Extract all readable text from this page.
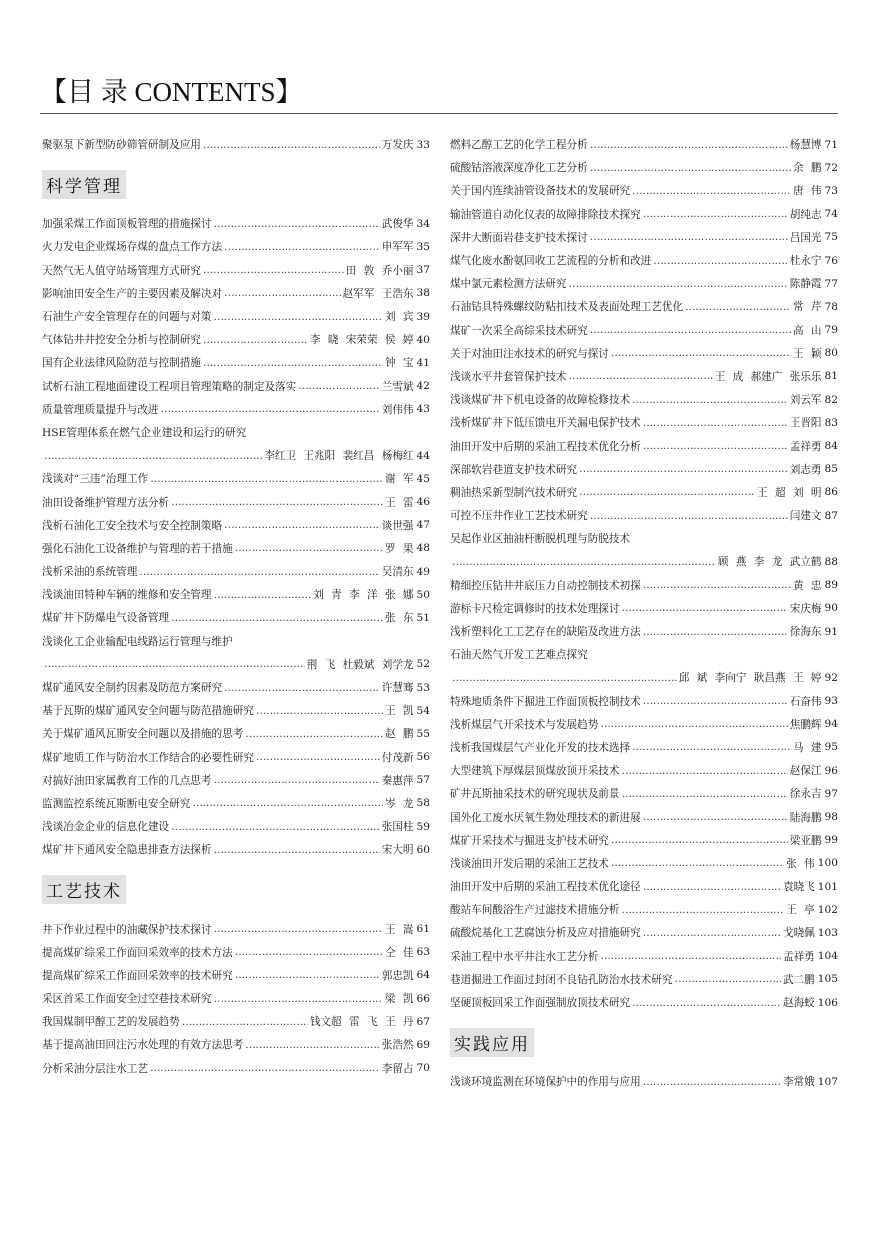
【目 录 CONTENTS】
聚驱泵下新型防砂筛管研制及应用 ………………………………………………………………………………………………………………………………………………	万发庆 33
科学管理
加强采煤工作面顶板管理的措施探讨 ………………………………………………………………………………………………………………………………………………	武俊华 34
火力发电企业煤场存煤的盘点工作方法 ………………………………………………………………………………………………………………………………………………	申军军 35
天然气无人值守站场管理方式研究 ………………………………………………………………………………………………………………………………………………	田 敦 乔小丽 37
影响油田安全生产的主要因素及解决对 ………………………………………………………………………………………………………………………………………………	赵军军 王浩东 38
石油生产安全管理存在的问题与对策 ………………………………………………………………………………………………………………………………………………	刘 宾 39
气体钻井井控安全分析与控制研究 ………………………………………………………………………………………………………………………………………………	李 晓 宋荣荣 侯 婷 40
国有企业法律风险防范与控制措施 ………………………………………………………………………………………………………………………………………………	钟 宝 41
试析石油工程地面建设工程项目管理策略的制定及落实 ………………………………………………………………………………………………………………………………………………	兰雪斌 42
质量管理质量提升与改进 ………………………………………………………………………………………………………………………………………………	刘伟伟 43
HSE管理体系在燃气企业建设和运行的研究
………………………………………………………………………………………………………………………………………………
李红卫 王兆阳 裴红昌 杨梅红 44
浅谈对“三违”治理工作 ………………………………………………………………………………………………………………………………………………	谢 军 45
油田设备维护管理方法分析 ………………………………………………………………………………………………………………………………………………	王 雷 46
浅析石油化工安全技术与安全控制策略 ………………………………………………………………………………………………………………………………………………	谈世强 47
强化石油化工设备维护与管理的若干措施 ………………………………………………………………………………………………………………………………………………	罗 果 48
浅析采油的系统管理 ………………………………………………………………………………………………………………………………………………	吴清东 49
浅谈油田特种车辆的维修和安全管理 ………………………………………………………………………………………………………………………………………………	刘 青 李 洋 张 娜 50
煤矿井下防爆电气设备管理 ………………………………………………………………………………………………………………………………………………	张 东 51
浅谈化工企业输配电线路运行管理与维护
………………………………………………………………………………………………………………………………………………
荆 飞 杜毅斌 刘学龙 52
煤矿通风安全制约因素及防范方案研究 ………………………………………………………………………………………………………………………………………………	许慧骞 53
基于瓦斯的煤矿通风安全问题与防范措施研究 ………………………………………………………………………………………………………………………………………………	王 凯 54
关于煤矿通风瓦斯安全问题以及措施的思考 ………………………………………………………………………………………………………………………………………………	赵 鹏 55
煤矿地质工作与防治水工作结合的必要性研究 ………………………………………………………………………………………………………………………………………………	付茂新 56
对搞好油田家属教育工作的几点思考 ………………………………………………………………………………………………………………………………………………	秦惠萍 57
监测监控系统瓦斯断电安全研究 ………………………………………………………………………………………………………………………………………………	岑 龙 58
浅谈冶金企业的信息化建设 ………………………………………………………………………………………………………………………………………………	张国柱 59
煤矿井下通风安全隐患排查方法探析 ………………………………………………………………………………………………………………………………………………	宋大明 60
工艺技术
井下作业过程中的油藏保护技术探讨 ………………………………………………………………………………………………………………………………………………	王 嵩 61
提高煤矿综采工作面回采效率的技术方法 ………………………………………………………………………………………………………………………………………………	仝 佳 63
提高煤矿综采工作面回采效率的技术研究 ………………………………………………………………………………………………………………………………………………	郭忠凯 64
采区首采工作面安全过空巷技术研究 ………………………………………………………………………………………………………………………………………………	梁 凯 66
我国煤制甲醇工艺的发展趋势 ………………………………………………………………………………………………………………………………………………	钱文超 雷 飞 王 丹 67
基于提高油田回注污水处理的有效方法思考 ………………………………………………………………………………………………………………………………………………	张浩然 69
分析采油分层注水工艺 ………………………………………………………………………………………………………………………………………………	李留占 70
燃料乙醇工艺的化学工程分析 ………………………………………………………………………………………………………………………………………………	杨慧博 71
硫酸钴溶液深度净化工艺分析 ………………………………………………………………………………………………………………………………………………	余 鹏 72
关于国内连续油管设备技术的发展研究 ………………………………………………………………………………………………………………………………………………	唐 伟 73
输油管道自动化仪表的故障排除技术探究 ………………………………………………………………………………………………………………………………………………	胡纯志 74
深井大断面岩巷支护技术探讨 ………………………………………………………………………………………………………………………………………………	吕国光 75
煤气化废水酚氨回收工艺流程的分析和改进 ………………………………………………………………………………………………………………………………………………	杜永宁 76
煤中氯元素检测方法研究 ………………………………………………………………………………………………………………………………………………	陈静霞 77
石油钻具特殊螺纹防粘扣技术及表面处理工艺优化 ………………………………………………………………………………………………………………………………………………	常 芹 78
煤矿一次采全高综采技术研究 ………………………………………………………………………………………………………………………………………………	高 山 79
关于对油田注水技术的研究与探讨 ………………………………………………………………………………………………………………………………………………	王 颖 80
浅谈水平井套管保护技术 ………………………………………………………………………………………………………………………………………………	王 成 郝建广 张乐乐 81
浅谈煤矿井下机电设备的故障检修技术 ………………………………………………………………………………………………………………………………………………	刘云军 82
浅析煤矿井下低压馈电开关漏电保护技术 ………………………………………………………………………………………………………………………………………………	王晋阳 83
油田开发中后期的采油工程技术优化分析 ………………………………………………………………………………………………………………………………………………	孟祥勇 84
深部软岩巷道支护技术研究 ………………………………………………………………………………………………………………………………………………	刘志勇 85
稠油热采新型制汽技术研究 ………………………………………………………………………………………………………………………………………………	王 超 刘 明 86
可控不压井作业工艺技术研究 ………………………………………………………………………………………………………………………………………………	闫建文 87
吴起作业区抽油杆断脱机理与防脱技术
………………………………………………………………………………………………………………………………………………
顾 燕 李 龙 武立鹤 88
精细控压钻井井底压力自动控制技术初探 ………………………………………………………………………………………………………………………………………………	黄 忠 89
游标卡尺检定调修时的技术处理探讨 ………………………………………………………………………………………………………………………………………………	宋庆梅 90
浅析塑料化工工艺存在的缺陷及改进方法 ………………………………………………………………………………………………………………………………………………	徐海东 91
石油天然气开发工艺难点探究
………………………………………………………………………………………………………………………………………………
邱 斌 李向宁 耿昌燕 王 婷 92
特殊地质条件下掘进工作面顶板控制技术 ………………………………………………………………………………………………………………………………………………	石奋伟 93
浅析煤层气开采技术与发展趋势 ………………………………………………………………………………………………………………………………………………	焦鹏辉 94
浅析我国煤层气产业化开发的技术选择 ………………………………………………………………………………………………………………………………………………	马 建 95
大型建筑下厚煤层顶煤放顶开采技术 ………………………………………………………………………………………………………………………………………………	赵保江 96
矿井瓦斯抽采技术的研究现状及前景 ………………………………………………………………………………………………………………………………………………	徐永吉 97
国外化工废水厌氧生物处理技术的新进展 ………………………………………………………………………………………………………………………………………………	陆海鹏 98
煤矿开采技术与掘进支护技术研究 ………………………………………………………………………………………………………………………………………………	梁亚鹏 99
浅谈油田开发后期的采油工艺技术 ………………………………………………………………………………………………………………………………………………	张 伟 100
油田开发中后期的采油工程技术优化途径 ………………………………………………………………………………………………………………………………………………	袁晓飞 101
酸站车间酸浴生产过滤技术措施分析 ………………………………………………………………………………………………………………………………………………	王 亭 102
硫酸烷基化工艺腐蚀分析及应对措施研究 ………………………………………………………………………………………………………………………………………………	戈晓佩 103
采油工程中水平井注水工艺分析 ………………………………………………………………………………………………………………………………………………	孟祥勇 104
巷道掘进工作面过封闭不良钻孔防治水技术研究 ………………………………………………………………………………………………………………………………………………	武二鹏 105
坚硬顶板回采工作面强制放顶技术研究 ………………………………………………………………………………………………………………………………………………	赵海蛟 106
实践应用
浅谈环境监测在环境保护中的作用与应用 ………………………………………………………………………………………………………………………………………………	李常娥 107
